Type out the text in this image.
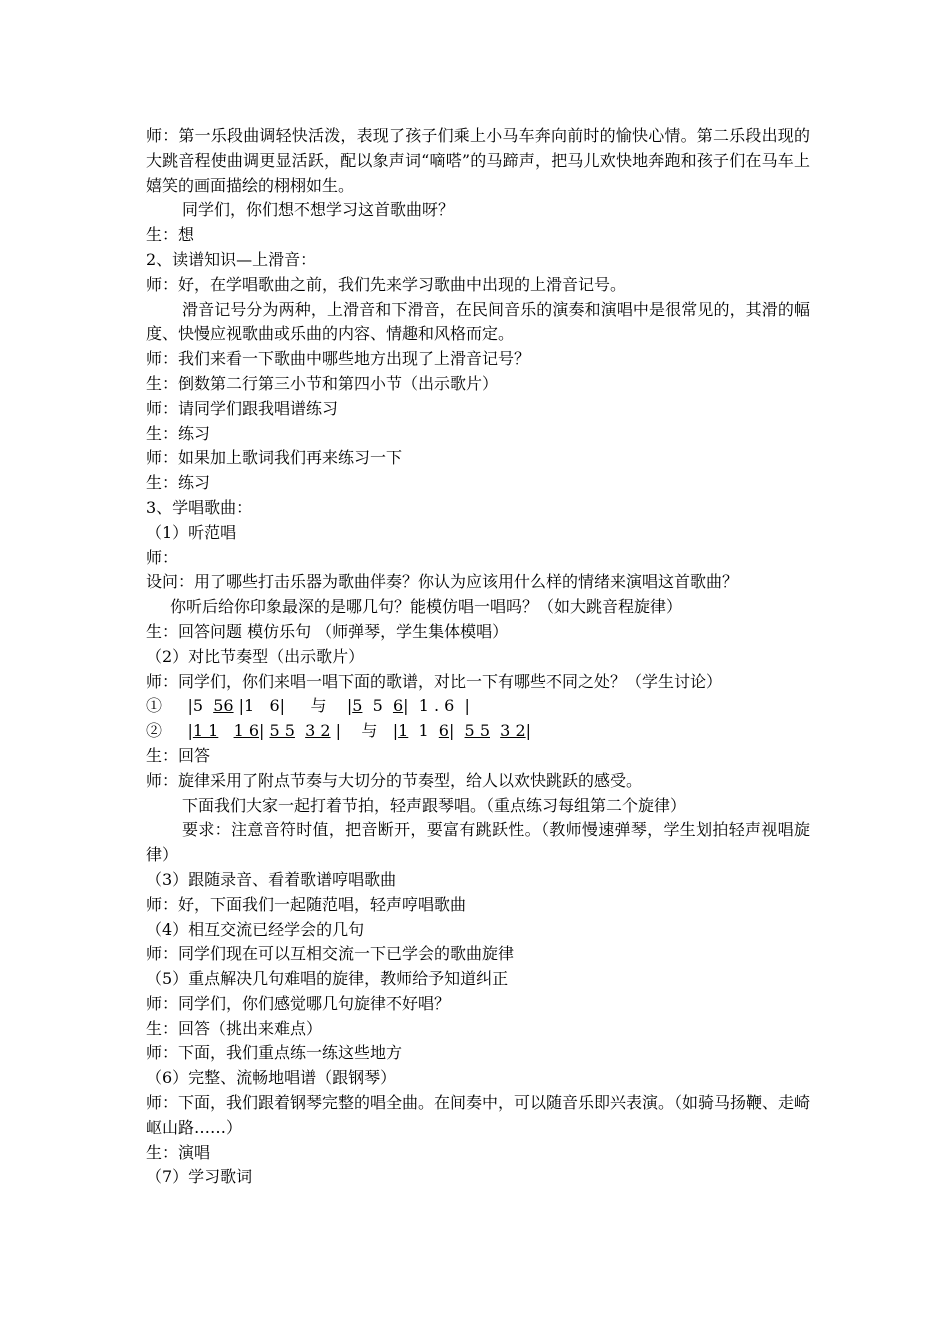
师：第一乐段曲调轻快活泼，表现了孩子们乘上小马车奔向前时的愉快心情。第二乐段出现的大跳音程使曲调更显活跃，配以象声词“嘀嗒”的马蹄声，把马儿欢快地奔跑和孩子们在马车上嬉笑的画面描绘的栩栩如生。

同学们，你们想不想学习这首歌曲呀？

生：想

2、读谱知识—上滑音：

师：好，在学唱歌曲之前，我们先来学习歌曲中出现的上滑音记号。

滑音记号分为两种，上滑音和下滑音，在民间音乐的演奏和演唱中是很常见的，其滑的幅度、快慢应视歌曲或乐曲的内容、情趣和风格而定。

师：我们来看一下歌曲中哪些地方出现了上滑音记号？

生：倒数第二行第三小节和第四小节（出示歌片）

师：请同学们跟我唱谱练习

生：练习

师：如果加上歌词我们再来练习一下

生：练习

3、学唱歌曲：

（1）听范唱

师：

设问：用了哪些打击乐器为歌曲伴奏？你认为应该用什么样的情绪来演唱这首歌曲？

你听后给你印象最深的是哪几句？能模仿唱一唱吗？（如大跳音程旋律）

生：回答问题 模仿乐句 （师弹琴，学生集体模唱）

（2）对比节奏型（出示歌片）

师：同学们，你们来唱一唱下面的歌谱，对比一下有哪些不同之处？（学生讨论）

① |5  56 |1   6| 与 |5  5  6|  1 . 6  |

② |1 1 1 6| 5 5 3 2 | 与 |1  1  6|  5 5 3 2|

生：回答

师：旋律采用了附点节奏与大切分的节奏型，给人以欢快跳跃的感受。

下面我们大家一起打着节拍，轻声跟琴唱。（重点练习每组第二个旋律）

要求：注意音符时值，把音断开，要富有跳跃性。（教师慢速弹琴，学生划拍轻声视唱旋律）

（3）跟随录音、看着歌谱哼唱歌曲

师：好，下面我们一起随范唱，轻声哼唱歌曲

（4）相互交流已经学会的几句

师：同学们现在可以互相交流一下已学会的歌曲旋律

（5）重点解决几句难唱的旋律，教师给予知道纠正

师：同学们，你们感觉哪几句旋律不好唱？

生：回答（挑出来难点）

师：下面，我们重点练一练这些地方

（6）完整、流畅地唱谱（跟钢琴）

师：下面，我们跟着钢琴完整的唱全曲。在间奏中，可以随音乐即兴表演。（如骑马扬鞭、走崎岖山路……）

生：演唱

（7）学习歌词
